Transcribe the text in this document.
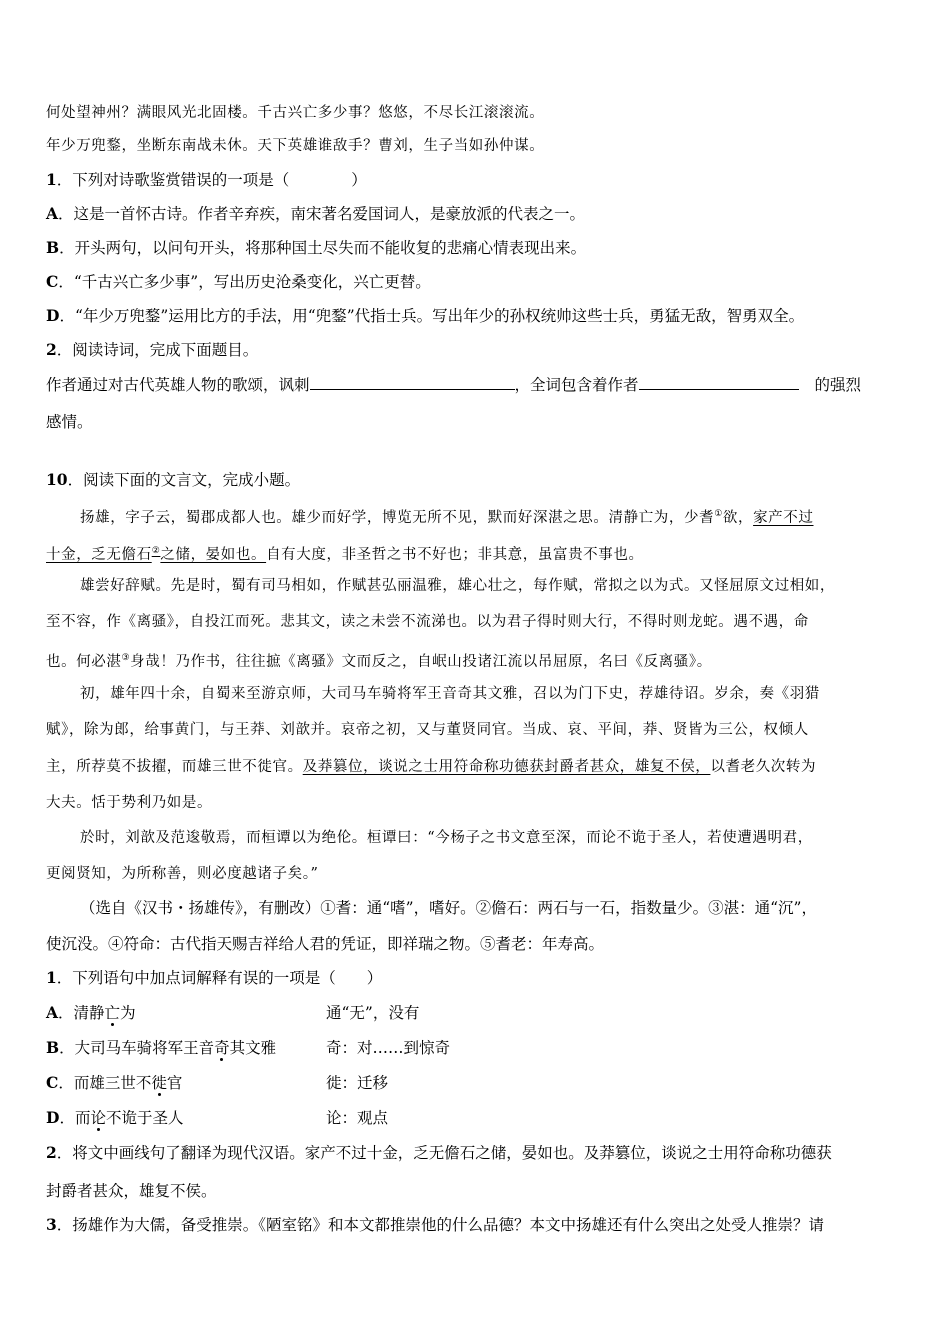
何处望神州？满眼风光北固楼。千古兴亡多少事？悠悠，不尽长江滚滚流。
年少万兜鍪，坐断东南战未休。天下英雄谁敌手？曹刘，生子当如孙仲谋。
1．下列对诗歌鉴赏错误的一项是（　　　　）
A．这是一首怀古诗。作者辛弃疾，南宋著名爱国词人，是豪放派的代表之一。
B．开头两句，以问句开头，将那种国土尽失而不能收复的悲痛心情表现出来。
C．“千古兴亡多少事”，写出历史沧桑变化，兴亡更替。
D．“年少万兜鍪”运用比方的手法，用“兜鍪”代指士兵。写出年少的孙权统帅这些士兵，勇猛无敌，智勇双全。
2．阅读诗词，完成下面题目。
作者通过对古代英雄人物的歌颂，讽刺	，全词包含着作者	的强烈
感情。
10．阅读下面的文言文，完成小题。
扬雄，字子云，蜀郡成都人也。雄少而好学，博览无所不见，默而好深湛之思。清静亡为，少耆①欲，家产不过
十金，乏无儋石②之储，晏如也。自有大度，非圣哲之书不好也；非其意，虽富贵不事也。
雄尝好辞赋。先是时，蜀有司马相如，作赋甚弘丽温雅，雄心壮之，每作赋，常拟之以为式。又怪屈原文过相如，
至不容，作《离骚》，自投江而死。悲其文，读之未尝不流涕也。以为君子得时则大行，不得时则龙蛇。遇不遇，命
也。何必湛③身哉！乃作书，往往摭《离骚》文而反之，自岷山投诸江流以吊屈原，名曰《反离骚》。
初，雄年四十余，自蜀来至游京师，大司马车骑将军王音奇其文雅，召以为门下史，荐雄待诏。岁余，奏《羽猎
赋》，除为郎，给事黄门，与王莽、刘歆并。哀帝之初，又与董贤同官。当成、哀、平间，莽、贤皆为三公，权倾人
主，所荐莫不拔擢，而雄三世不徙官。及莽篡位，谈说之士用符命称功德获封爵者甚众，雄复不侯，以耆老久次转为
大夫。恬于势利乃如是。
於时，刘歆及范逡敬焉，而桓谭以为绝伦。桓谭曰：“今杨子之书文意至深，而论不诡于圣人，若使遭遇明君，
更阅贤知，为所称善，则必度越诸子矣。”
（选自《汉书・扬雄传》，有删改）①耆：通“嗜”，嗜好。②儋石：两石与一石，指数量少。③湛：通“沉”，
使沉没。④符命：古代指天赐吉祥给人君的凭证，即祥瑞之物。⑤耆老：年寿高。
1．下列语句中加点词解释有误的一项是（　　）
A．清静亡为	通“无”，没有
B．大司马车骑将军王音奇其文雅	奇：对……到惊奇
C．而雄三世不徙官	徙：迁移
D．而论不诡于圣人	论：观点
2．将文中画线句了翻译为现代汉语。家产不过十金，乏无儋石之储，晏如也。及莽篡位，谈说之士用符命称功德获
封爵者甚众，雄复不侯。
3．扬雄作为大儒，备受推崇。《陋室铭》和本文都推崇他的什么品德？本文中扬雄还有什么突出之处受人推崇？请
